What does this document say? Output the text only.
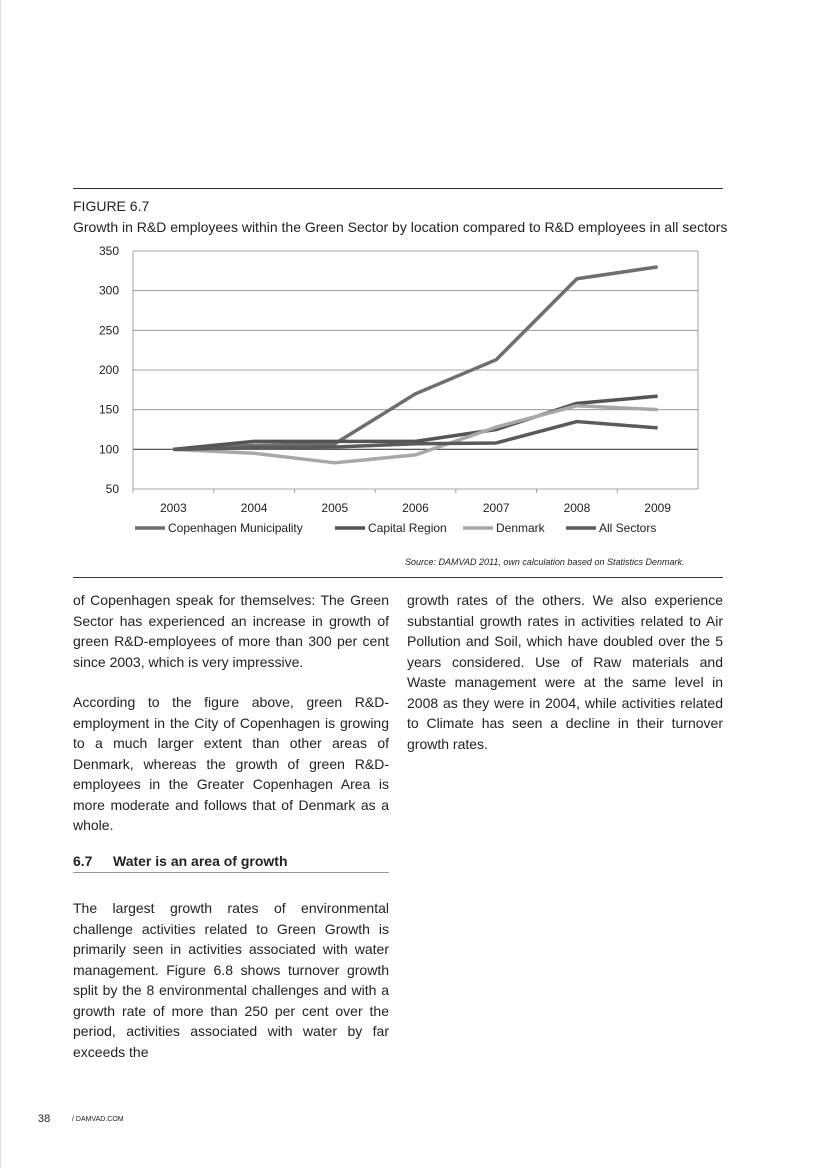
FIGURE 6.7
Growth in R&D employees within the Green Sector by location compared to R&D employees in all sectors
50
100
150
200
250
300
350
2003	2004	2005	2006	2007	2008	2009
Copenhagen Municipality	Capital Region	Denmark	All Sectors
Source: DAMVAD 2011, own calculation based on Statistics Denmark.

of Copenhagen speak for themselves: The Green Sector has experienced an increase in growth of green R&D-employees of more than 300 per cent since 2003, which is very impressive.

According to the figure above, green R&D-employment in the City of Copenhagen is growing to a much larger extent than other areas of Denmark, whereas the growth of green R&D-employees in the Greater Copenhagen Area is more moderate and follows that of Denmark as a whole.

growth rates of the others. We also experience substantial growth rates in activities related to Air Pollution and Soil, which have doubled over the 5 years considered. Use of Raw materials and Waste management were at the same level in 2008 as they were in 2004, while activities related to Climate has seen a decline in their turnover growth rates.

6.7 Water is an area of growth

The largest growth rates of environmental challenge activities related to Green Growth is primarily seen in activities associated with water management. Figure 6.8 shows turnover growth split by the 8 environmental challenges and with a growth rate of more than 250 per cent over the period, activities associated with water by far exceeds the

38	/ DAMVAD.COM
